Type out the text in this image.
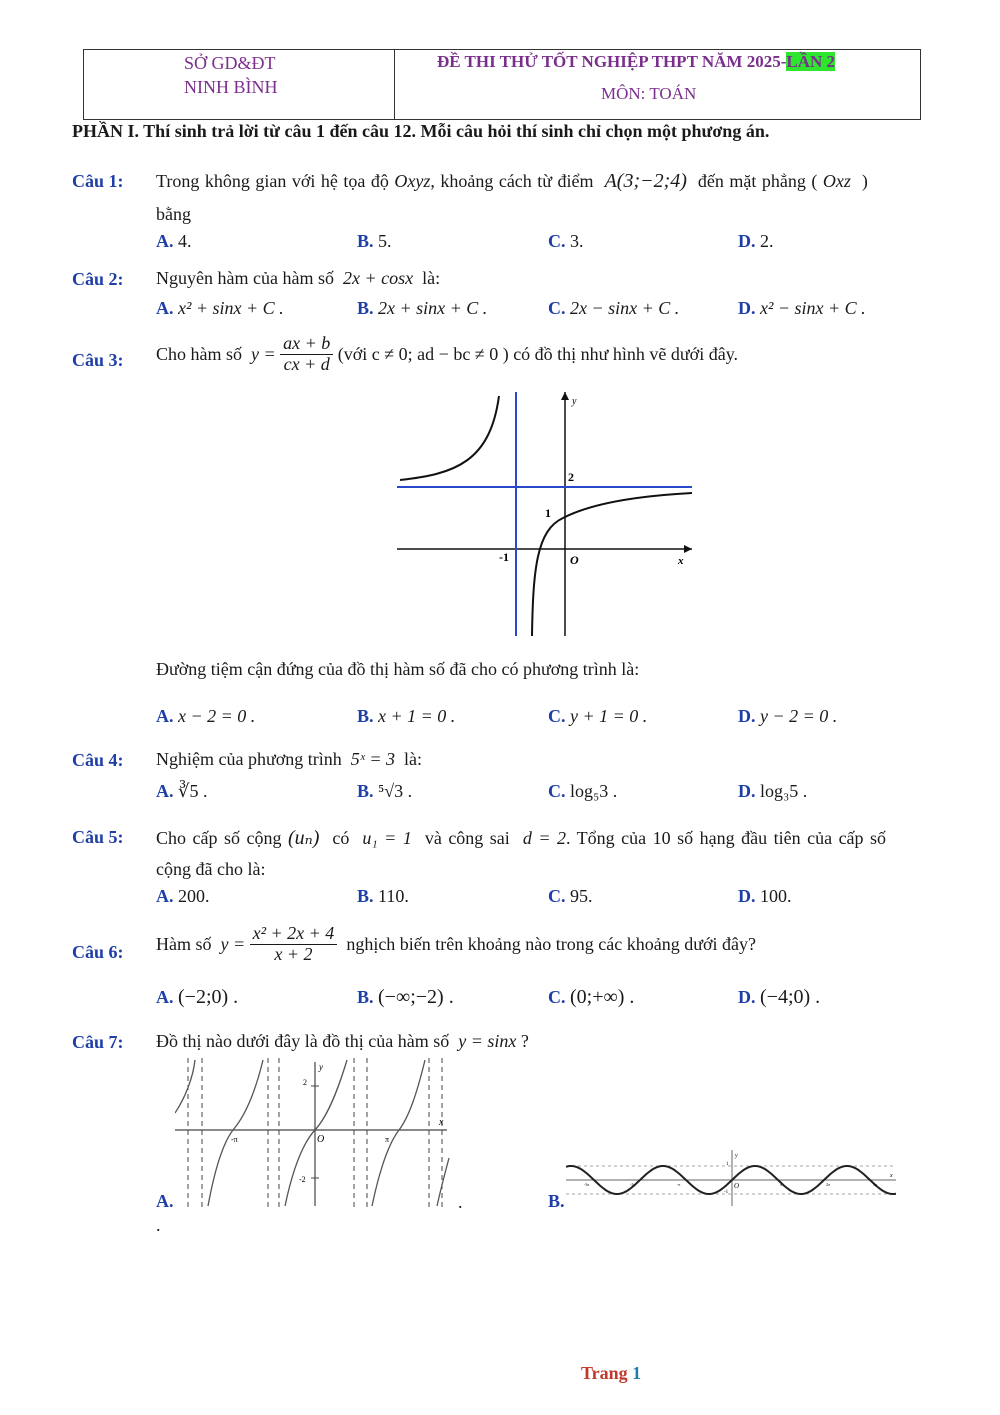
SỞ GD&ĐT
NINH BÌNH
ĐỀ THI THỬ TỐT NGHIỆP THPT NĂM 2025-LẦN 2
MÔN: TOÁN
PHẦN I. Thí sinh trả lời từ câu 1 đến câu 12. Mỗi câu hỏi thí sinh chỉ chọn một phương án.
Câu 1: Trong không gian với hệ tọa độ Oxyz, khoảng cách từ điểm A(3;−2;4) đến mặt phẳng ( Oxz )
bằng
A. 4.	B. 5.	C. 3.	D. 2.
Câu 2: Nguyên hàm của hàm số 2x + cosx là:
A. x² + sinx + C .	B. 2x + sinx + C .	C. 2x − sinx + C .	D. x² − sinx + C .
Câu 3: Cho hàm số $y = \frac{ax + b}{cx + d}$ (với c ≠ 0; ad − bc ≠ 0 ) có đồ thị như hình vẽ dưới đây.
y
x
2
1
-1	O
Đường tiệm cận đứng của đồ thị hàm số đã cho có phương trình là:
A. x − 2 = 0 .	B. x + 1 = 0 .	C. y + 1 = 0 .	D. y − 2 = 0 .
Câu 4: Nghiệm của phương trình 5ˣ = 3 là:
A. ∛5 .	B. ⁵√3 .	C. log₅3 .	D. log₃5 .
Câu 5: Cho cấp số cộng (uₙ) có u₁ = 1 và công sai d = 2. Tổng của 10 số hạng đầu tiên của cấp số
cộng đã cho là:
A. 200.	B. 110.	C. 95.	D. 100.
Câu 6: Hàm số $y = \frac{\text{x² + 2x + 4}}{x + 2}$ nghịch biến trên khoảng nào trong các khoảng dưới đây?
A. (−2;0) .	B. (−∞;−2) .	C. (0;+∞) .	D. (−4;0) .
Câu 7: Đồ thị nào dưới đây là đồ thị của hàm số y = sinx ?
A.
y
x
2
-2
-π	π
O
.
.
B.
y
x
O
1
-1
-3π	-2π	-π	π	2π	3π
Trang 1
